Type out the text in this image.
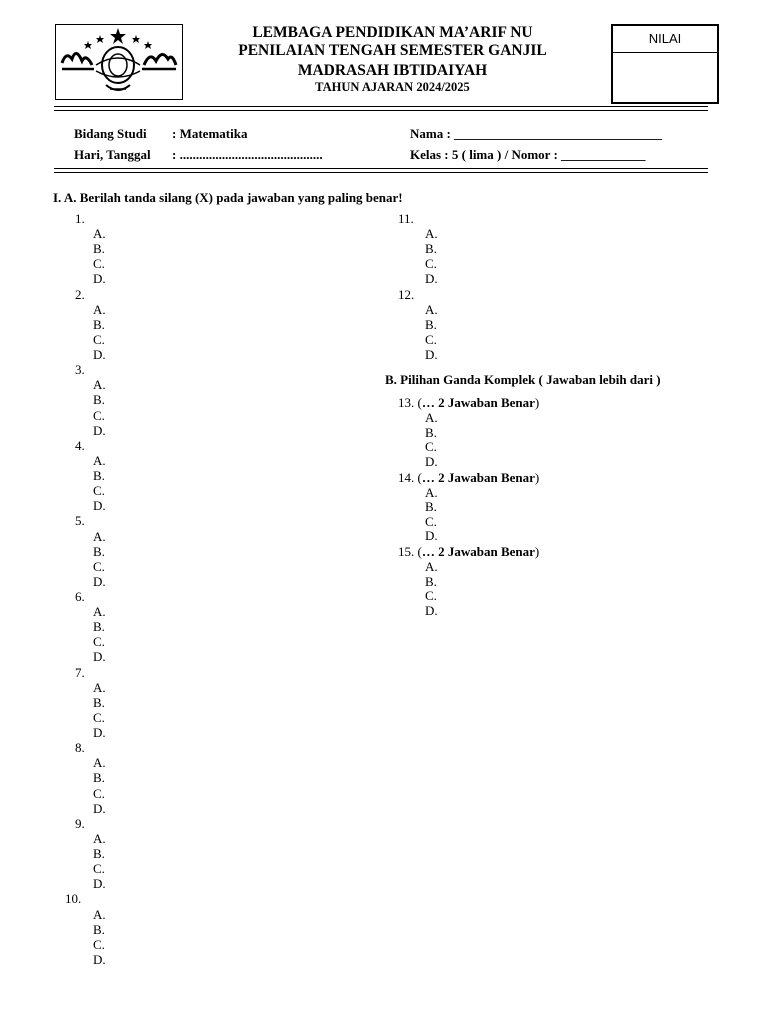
LEMBAGA PENDIDIKAN MA’ARIF NU
PENILAIAN TENGAH SEMESTER GANJIL
MADRASAH IBTIDAIYAH
TAHUN AJARAN 2024/2025
NILAI
Bidang Studi : Matematika
Hari, Tanggal : ............................................
Nama : ________________________________
Kelas : 5 ( lima ) / Nomor : _____________
I. A. Berilah tanda silang (X) pada jawaban yang paling benar!
1.
A.
B.
C.
D.
2.
A.
B.
C.
D.
3.
A.
B.
C.
D.
4.
A.
B.
C.
D.
5.
A.
B.
C.
D.
6.
A.
B.
C.
D.
7.
A.
B.
C.
D.
8.
A.
B.
C.
D.
9.
A.
B.
C.
D.
10.
A.
B.
C.
D.
11.
A.
B.
C.
D.
12.
A.
B.
C.
D.
13. (… 2 Jawaban Benar)
A.
B.
C.
D.
14. (… 2 Jawaban Benar)
A.
B.
C.
D.
15. (… 2 Jawaban Benar)
A.
B.
C.
D.
B. Pilihan Ganda Komplek ( Jawaban lebih dari )
